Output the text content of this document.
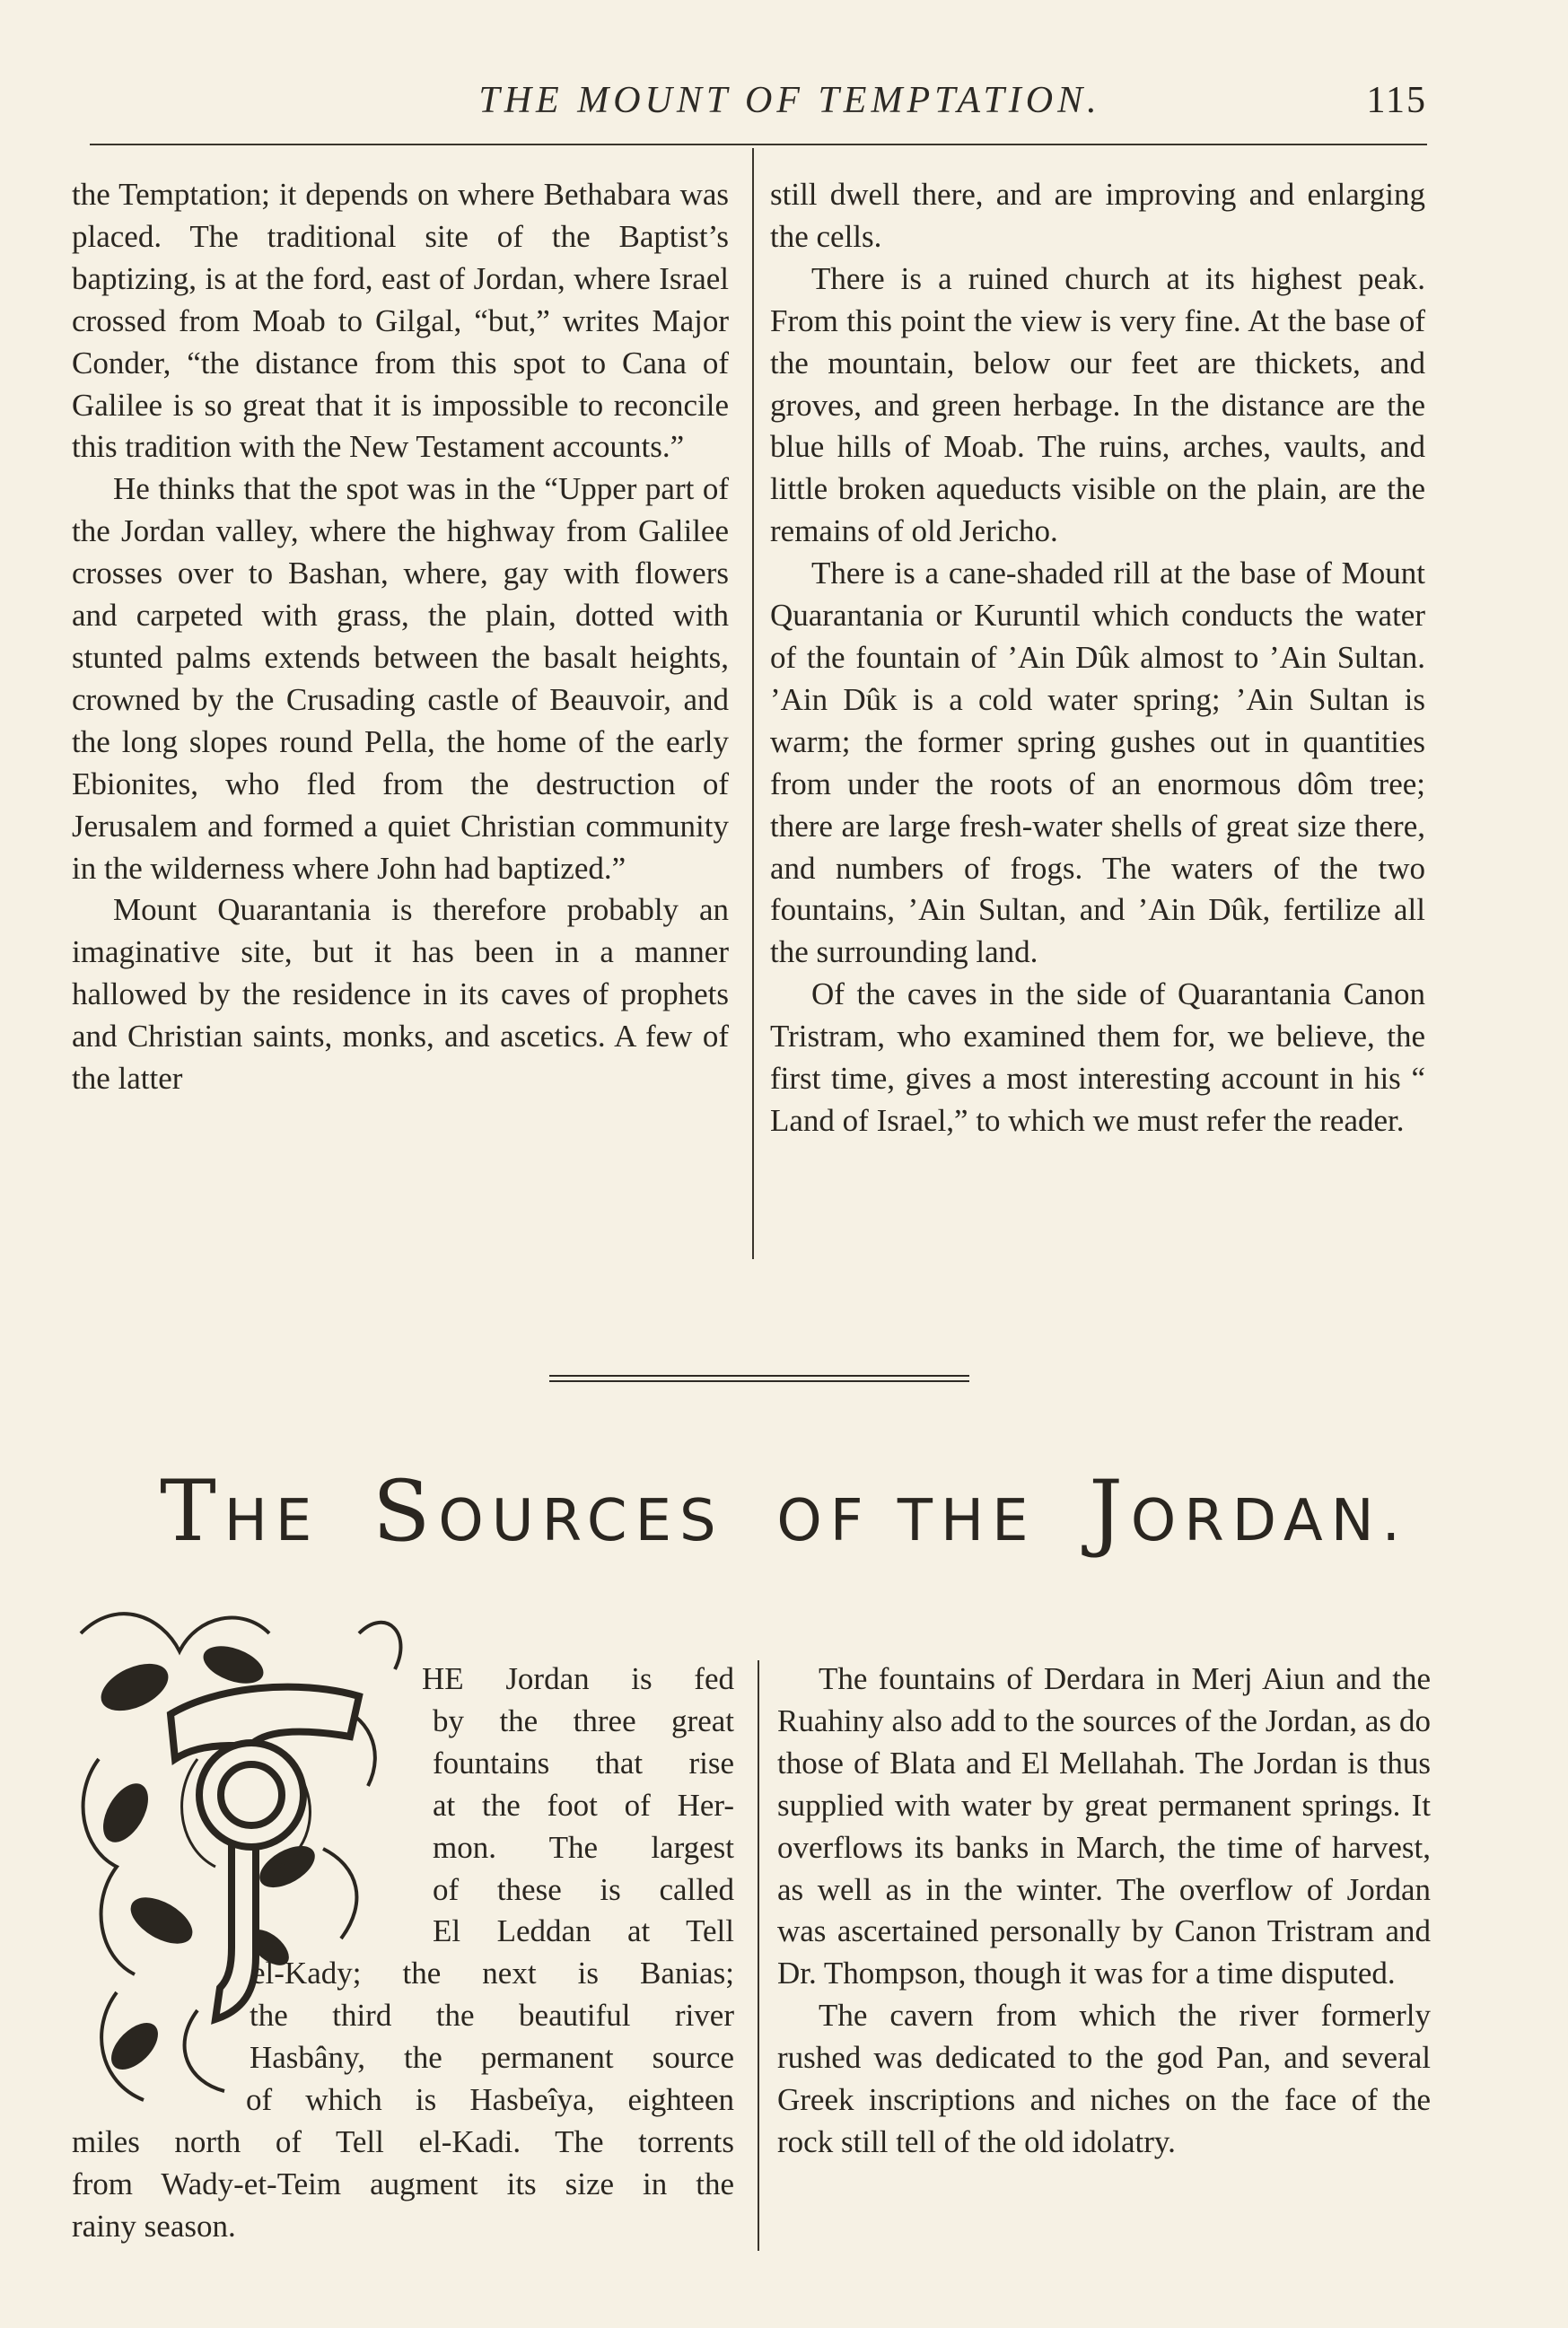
THE MOUNT OF TEMPTATION.	115

the Temptation; it depends on where Bethabara was placed. The traditional site of the Baptist’s baptizing, is at the ford, east of Jordan, where Israel crossed from Moab to Gilgal, “but,” writes Major Conder, “the distance from this spot to Cana of Galilee is so great that it is impossible to reconcile this tradition with the New Testament accounts.”

He thinks that the spot was in the “Upper part of the Jordan valley, where the highway from Galilee crosses over to Bashan, where, gay with flowers and carpeted with grass, the plain, dotted with stunted palms extends between the basalt heights, crowned by the Crusading castle of Beauvoir, and the long slopes round Pella, the home of the early Ebionites, who fled from the destruction of Jerusalem and formed a quiet Christian community in the wilderness where John had baptized.”

Mount Quarantania is therefore probably an imaginative site, but it has been in a manner hallowed by the residence in its caves of prophets and Christian saints, monks, and ascetics. A few of the latter

still dwell there, and are improving and enlarging the cells.

There is a ruined church at its highest peak. From this point the view is very fine. At the base of the mountain, below our feet are thickets, and groves, and green herbage. In the distance are the blue hills of Moab. The ruins, arches, vaults, and little broken aqueducts visible on the plain, are the remains of old Jericho.

There is a cane-shaded rill at the base of Mount Quarantania or Kuruntil which conducts the water of the fountain of ’Ain Dûk almost to ’Ain Sultan. ’Ain Dûk is a cold water spring; ’Ain Sultan is warm; the former spring gushes out in quantities from under the roots of an enormous dôm tree; there are large fresh-water shells of great size there, and numbers of frogs. The waters of the two fountains, ’Ain Sultan, and ’Ain Dûk, fertilize all the surrounding land.

Of the caves in the side of Quarantania Canon Tristram, who examined them for, we believe, the first time, gives a most interesting account in his “ Land of Israel,” to which we must refer the reader.

THE SOURCES OF THE JORDAN.
HE Jordan is fed
by the three great
fountains that rise
at the foot of Her-
mon. The largest
of these is called
El Leddan at Tell
el-Kady; the next is Banias;
the third the beautiful river
Hasbâny, the permanent source
of which is Hasbeîya, eighteen
miles north of Tell el-Kadi. The torrents
from Wady-et-Teim augment its size in the
rainy season.

The fountains of Derdara in Merj Aiun and the Ruahiny also add to the sources of the Jordan, as do those of Blata and El Mellahah. The Jordan is thus supplied with water by great permanent springs. It overflows its banks in March, the time of harvest, as well as in the winter. The overflow of Jordan was ascertained personally by Canon Tristram and Dr. Thompson, though it was for a time disputed.

The cavern from which the river formerly rushed was dedicated to the god Pan, and several Greek inscriptions and niches on the face of the rock still tell of the old idolatry.
